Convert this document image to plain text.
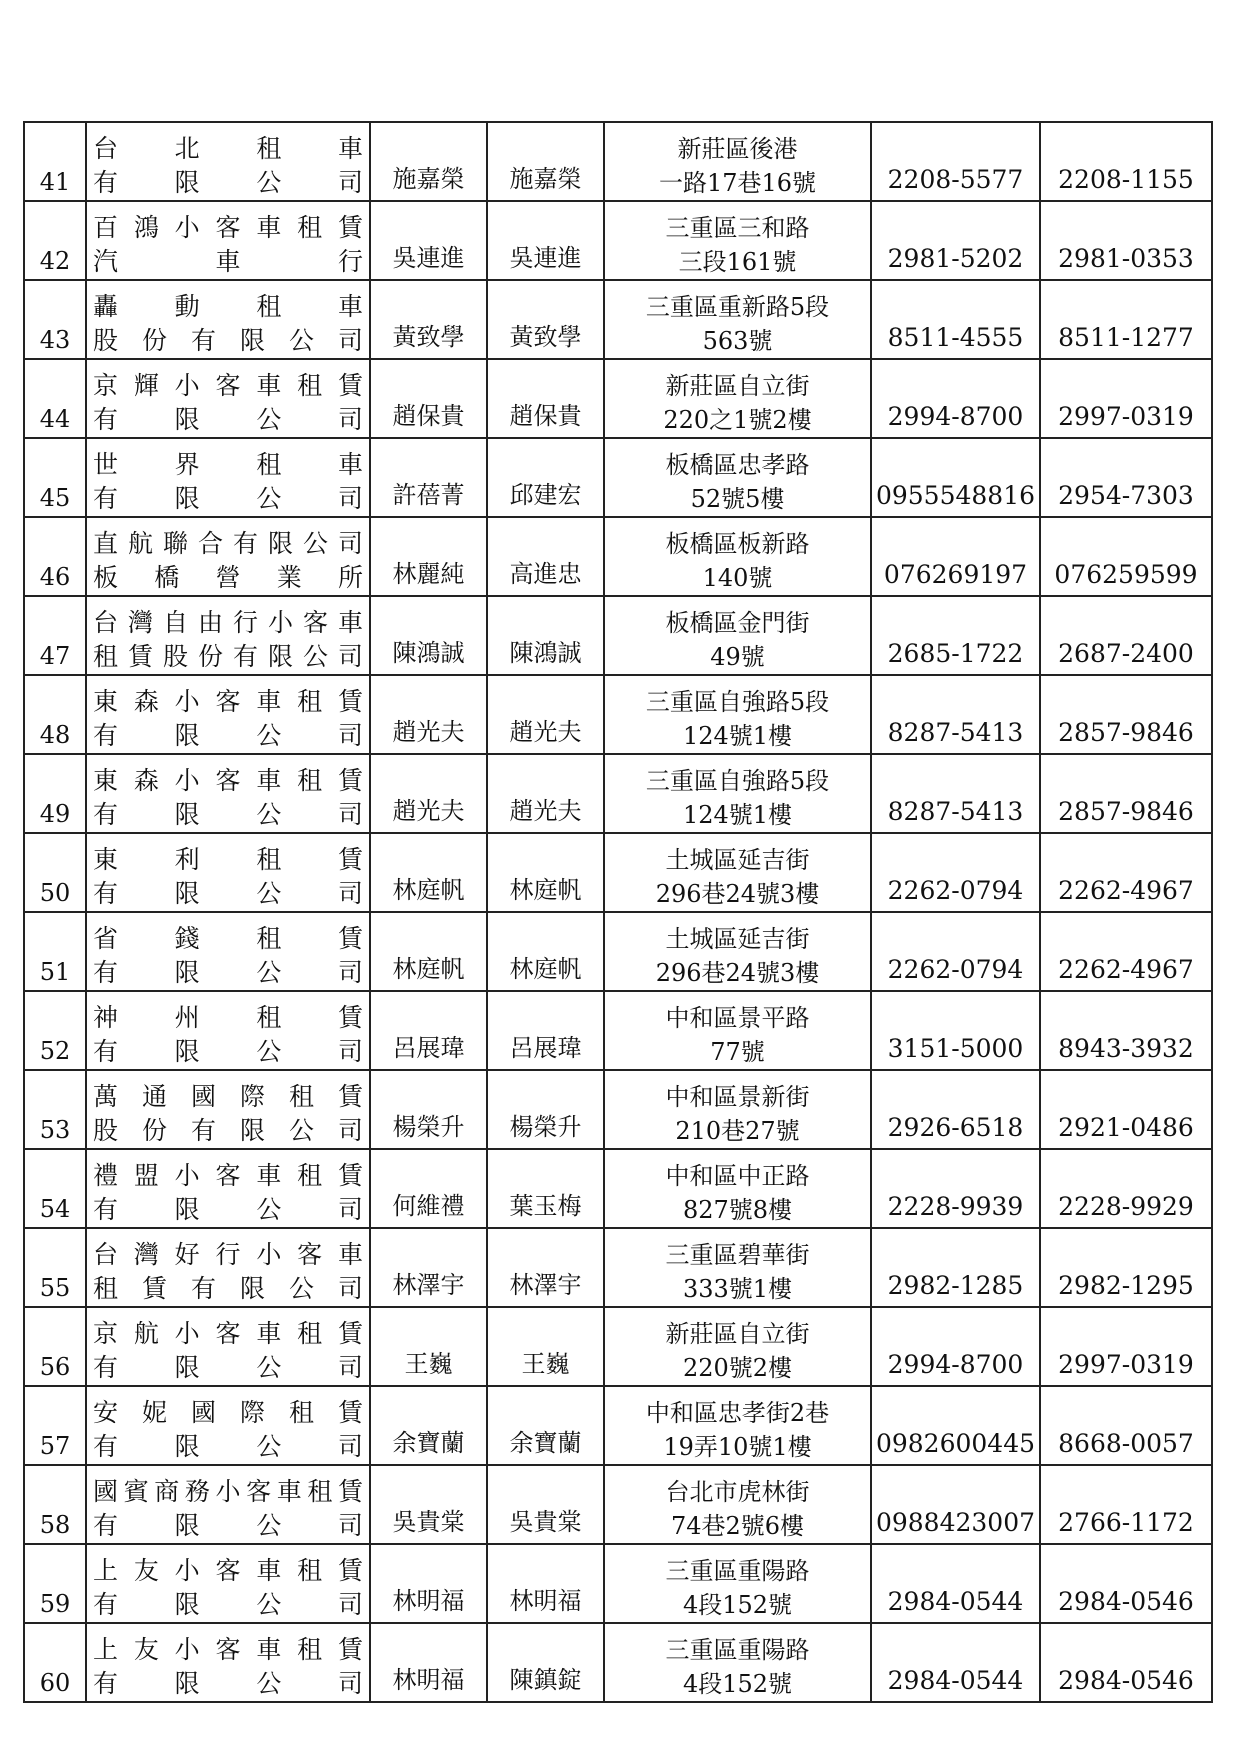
41	台北租車
有限公司	施嘉榮	施嘉榮	新莊區後港
一路17巷16號	2208-5577	2208-1155
42	百鴻小客車租賃
汽車行	吳連進	吳連進	三重區三和路
三段161號	2981-5202	2981-0353
43	轟動租車
股份有限公司	黃致學	黃致學	三重區重新路5段
563號	8511-4555	8511-1277
44	京輝小客車租賃
有限公司	趙保貴	趙保貴	新莊區自立街
220之1號2樓	2994-8700	2997-0319
45	世界租車
有限公司	許蓓菁	邱建宏	板橋區忠孝路
52號5樓	0955548816	2954-7303
46	直航聯合有限公司
板橋營業所	林麗純	高進忠	板橋區板新路
140號	076269197	076259599
47	台灣自由行小客車
租賃股份有限公司	陳鴻誠	陳鴻誠	板橋區金門街
49號	2685-1722	2687-2400
48	東森小客車租賃
有限公司	趙光夫	趙光夫	三重區自強路5段
124號1樓	8287-5413	2857-9846
49	東森小客車租賃
有限公司	趙光夫	趙光夫	三重區自強路5段
124號1樓	8287-5413	2857-9846
50	東利租賃
有限公司	林庭帆	林庭帆	土城區延吉街
296巷24號3樓	2262-0794	2262-4967
51	省錢租賃
有限公司	林庭帆	林庭帆	土城區延吉街
296巷24號3樓	2262-0794	2262-4967
52	神州租賃
有限公司	呂展瑋	呂展瑋	中和區景平路
77號	3151-5000	8943-3932
53	萬通國際租賃
股份有限公司	楊榮升	楊榮升	中和區景新街
210巷27號	2926-6518	2921-0486
54	禮盟小客車租賃
有限公司	何維禮	葉玉梅	中和區中正路
827號8樓	2228-9939	2228-9929
55	台灣好行小客車
租賃有限公司	林澤宇	林澤宇	三重區碧華街
333號1樓	2982-1285	2982-1295
56	京航小客車租賃
有限公司	王巍	王巍	新莊區自立街
220號2樓	2994-8700	2997-0319
57	安妮國際租賃
有限公司	余寶蘭	余寶蘭	中和區忠孝街2巷
19弄10號1樓	0982600445	8668-0057
58	國賓商務小客車租賃
有限公司	吳貴棠	吳貴棠	台北市虎林街
74巷2號6樓	0988423007	2766-1172
59	上友小客車租賃
有限公司	林明福	林明福	三重區重陽路
4段152號	2984-0544	2984-0546
60	上友小客車租賃
有限公司	林明福	陳鎮錠	三重區重陽路
4段152號	2984-0544	2984-0546
